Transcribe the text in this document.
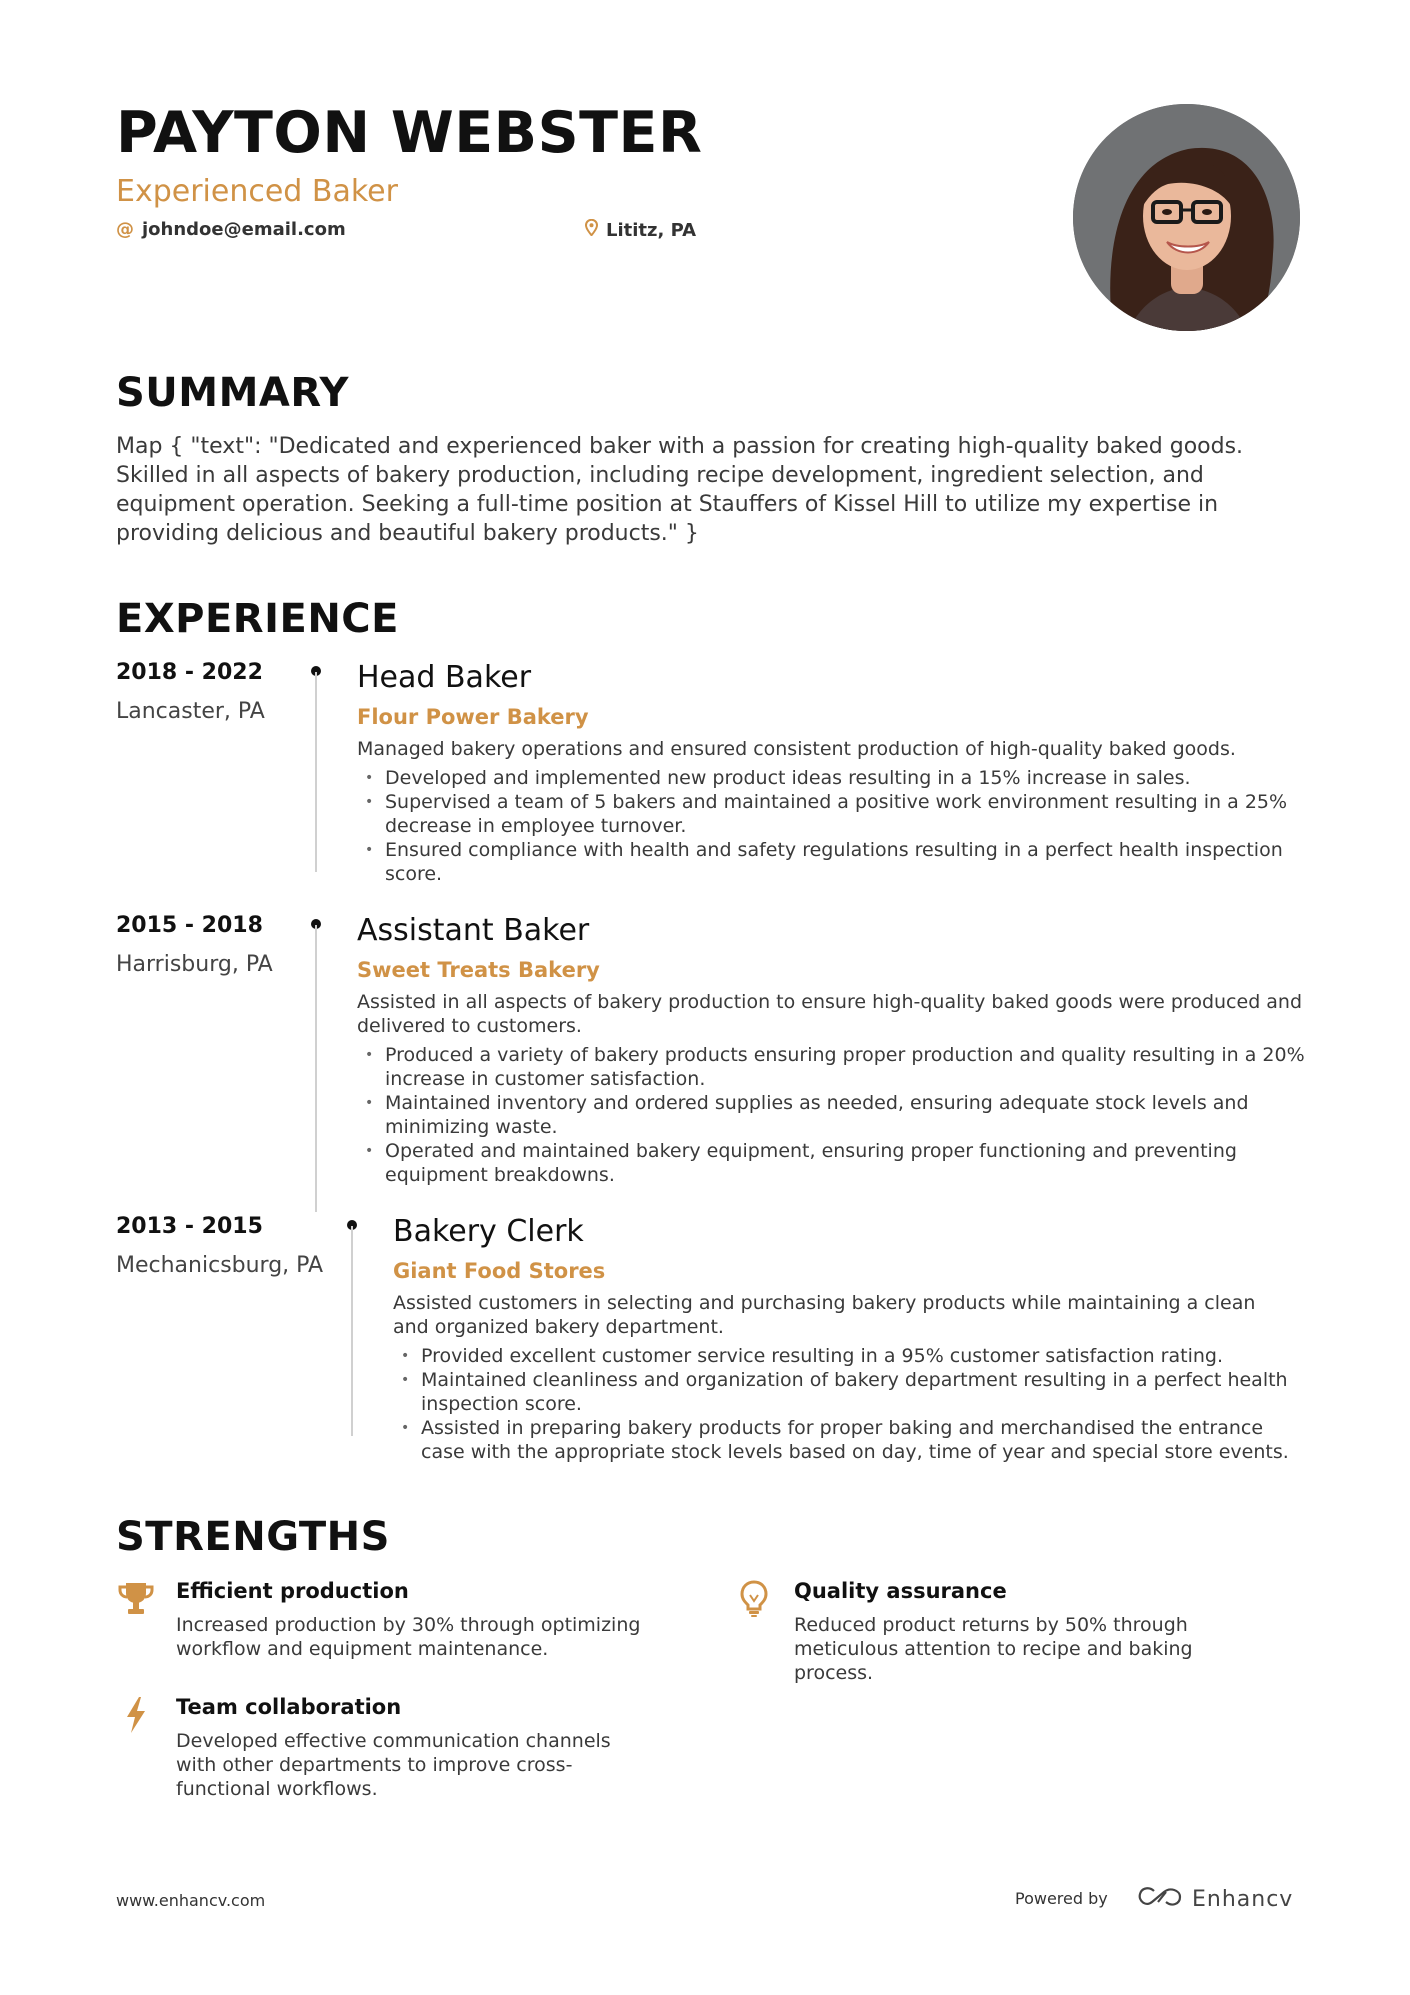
PAYTON WEBSTER
Experienced Baker
@ johndoe@email.com	Lititz, PA
SUMMARY
Map { "text": "Dedicated and experienced baker with a passion for creating high-quality baked goods. Skilled in all aspects of bakery production, including recipe development, ingredient selection, and equipment operation. Seeking a full-time position at Stauffers of Kissel Hill to utilize my expertise in providing delicious and beautiful bakery products." }
EXPERIENCE
2018 - 2022
Lancaster, PA
Head Baker
Flour Power Bakery
Managed bakery operations and ensured consistent production of high-quality baked goods.
• Developed and implemented new product ideas resulting in a 15% increase in sales.
• Supervised a team of 5 bakers and maintained a positive work environment resulting in a 25% decrease in employee turnover.
• Ensured compliance with health and safety regulations resulting in a perfect health inspection score.
2015 - 2018
Harrisburg, PA
Assistant Baker
Sweet Treats Bakery
Assisted in all aspects of bakery production to ensure high-quality baked goods were produced and delivered to customers.
• Produced a variety of bakery products ensuring proper production and quality resulting in a 20% increase in customer satisfaction.
• Maintained inventory and ordered supplies as needed, ensuring adequate stock levels and minimizing waste.
• Operated and maintained bakery equipment, ensuring proper functioning and preventing equipment breakdowns.
2013 - 2015
Mechanicsburg, PA
Bakery Clerk
Giant Food Stores
Assisted customers in selecting and purchasing bakery products while maintaining a clean and organized bakery department.
• Provided excellent customer service resulting in a 95% customer satisfaction rating.
• Maintained cleanliness and organization of bakery department resulting in a perfect health inspection score.
• Assisted in preparing bakery products for proper baking and merchandised the entrance case with the appropriate stock levels based on day, time of year and special store events.
STRENGTHS
Efficient production
Increased production by 30% through optimizing workflow and equipment maintenance.
Quality assurance
Reduced product returns by 50% through meticulous attention to recipe and baking process.
Team collaboration
Developed effective communication channels with other departments to improve cross-functional workflows.
www.enhancv.com	Powered by	Enhancv
